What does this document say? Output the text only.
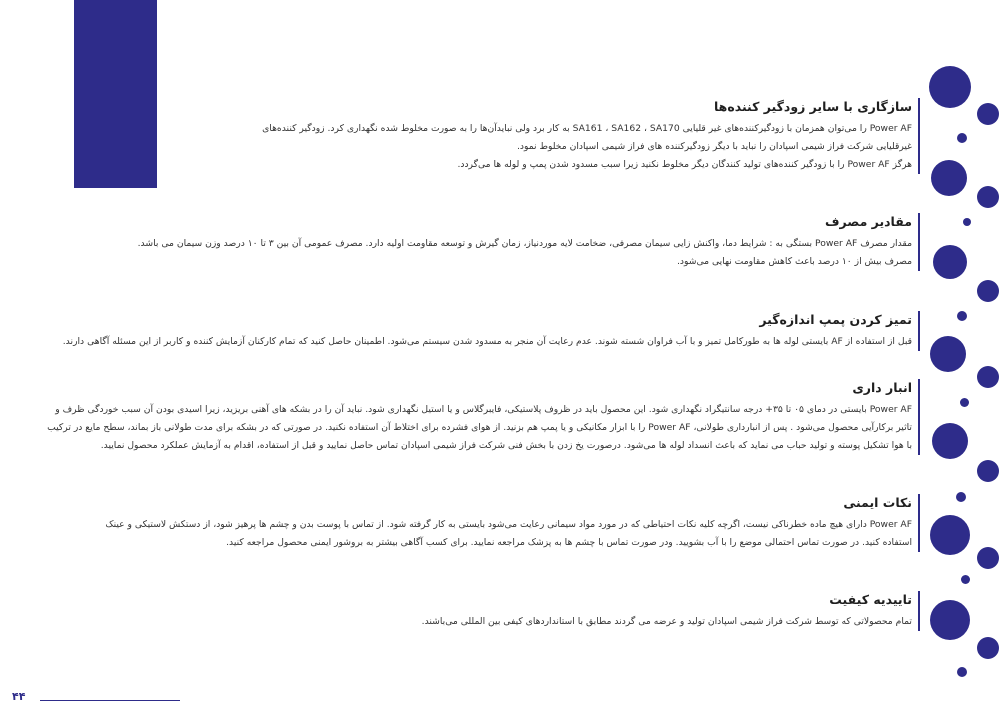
سازگاری با سایر زودگیر کننده‌ها

Power AF را می‌توان همزمان با زودگیرکننده‌های غیر قلیایی SA161 ، SA162 ، SA170 به کار برد ولی نبایدآن‌ها را به صورت مخلوط شده نگهداری کرد. زودگیر کننده‌های

غیرقلیایی شرکت فراز شیمی اسپادان را نباید با دیگر زودگیرکننده های فراز شیمی اسپادان مخلوط نمود.

هرگز Power AF را با زودگیر کننده‌های تولید کنندگان دیگر مخلوط نکنید زیرا سبب مسدود شدن پمپ و لوله ها می‌گردد.

مقادیر مصرف

مقدار مصرف Power AF بستگی به : شرایط دما، واکنش زایی سیمان مصرفی، ضخامت لایه موردنیاز، زمان گیرش و توسعه مقاومت اولیه دارد. مصرف عمومی آن بین ۳ تا ۱۰ درصد وزن سیمان می باشد.

مصرف بیش از ۱۰ درصد باعث کاهش مقاومت نهایی می‌شود.

تمیز کردن پمپ اندازه‌گیر

قبل از استفاده از AF بایستی لوله ها به طورکامل تمیز و با آب فراوان شسته شوند. عدم رعایت آن منجر به مسدود شدن سیستم می‌شود. اطمینان حاصل کنید که تمام کارکنان آزمایش کننده و کاربر از این مسئله آگاهی دارند.

انبار داری

Power AF بایستی در دمای ۰۵ تا ۳۵+ درجه سانتیگراد نگهداری شود. این محصول باید در ظروف پلاستیکی، فایبرگلاس و یا استیل نگهداری شود. نباید آن را در بشکه های آهنی بریزید، زیرا اسیدی بودن آن سبب خوردگی ظرف و

تاثیر برکارآیی محصول می‌شود . پس از انبارداری طولانی، Power AF را با ابزار مکانیکی و یا پمپ هم بزنید. از هوای فشرده برای اختلاط آن استفاده نکنید. در صورتی که در بشکه برای مدت طولانی باز بماند، سطح مایع در ترکیب

با هوا تشکیل پوسته و تولید حباب می نماید که باعث انسداد لوله ها می‌شود. درصورت یخ زدن با بخش فنی شرکت فراز شیمی اسپادان تماس حاصل نمایید و قبل از استفاده، اقدام به آزمایش عملکرد محصول نمایید.

نکات ایمنی

Power AF دارای هیچ ماده خطرناکی نیست، اگرچه کلیه نکات احتیاطی که در مورد مواد سیمانی رعایت می‌شود بایستی به کار گرفته شود. از تماس با پوست بدن و چشم ها پرهیز شود، از دستکش لاستیکی و عینک

استفاده کنید. در صورت تماس احتمالی موضع را با آب بشویید. ودر صورت تماس با چشم ها به پزشک مراجعه نمایید. برای کسب آگاهی بیشتر به بروشور ایمنی محصول مراجعه کنید.

تاییدیه کیفیت

تمام محصولاتی که توسط شرکت فراز شیمی اسپادان تولید و عرضه می گردند مطابق با استانداردهای کیفی بین المللی می‌باشند.

۴۴
